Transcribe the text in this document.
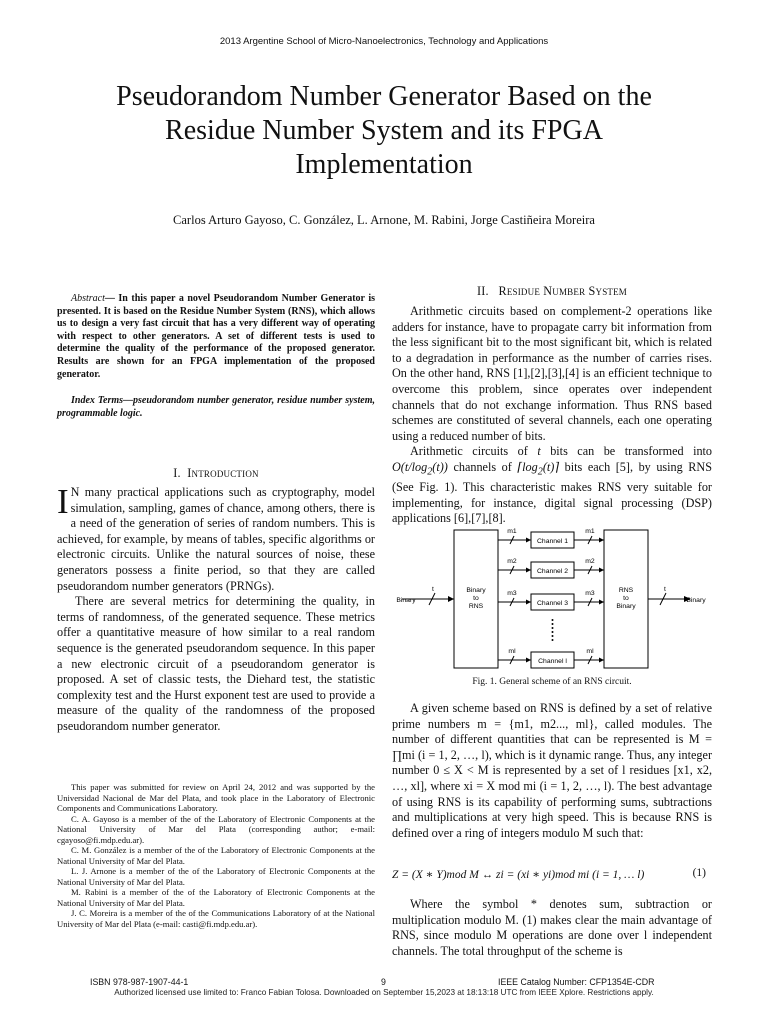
2013 Argentine School of Micro-Nanoelectronics, Technology and Applications
Pseudorandom Number Generator Based on the
Residue Number System and its FPGA
Implementation
Carlos Arturo Gayoso, C. González, L. Arnone, M. Rabini, Jorge Castiñeira Moreira
Abstract— In this paper a novel Pseudorandom Number Generator is presented. It is based on the Residue Number System (RNS), which allows us to design a very fast circuit that has a very different way of operating with respect to other generators. A set of different tests is used to determine the quality of the performance of the proposed generator. Results are shown for an FPGA implementation of the proposed generator.
Index Terms—pseudorandom number generator, residue number system, programmable logic.
I. Introduction

I N many practical applications such as cryptography, model simulation, sampling, games of chance, among others, there is a need of the generation of series of random numbers. This is achieved, for example, by means of tables, specific algorithms or electronic circuits. Unlike the natural sources of noise, these generators possess a finite period, so that they are called pseudorandom number generators (PRNGs).

There are several metrics for determining the quality, in terms of randomness, of the generated sequence. These metrics offer a quantitative measure of how similar to a real random sequence is the generated pseudorandom sequence. In this paper a new electronic circuit of a pseudorandom generator is proposed. A set of classic tests, the Diehard test, the statistic complexity test and the Hurst exponent test are used to provide a measure of the quality of the randomness of the proposed pseudorandom number generator.

This paper was submitted for review on April 24, 2012 and was supported by the Universidad Nacional de Mar del Plata, and took place in the Laboratory of Electronic Components and Communications Laboratory.

C. A. Gayoso is a member of the of the Laboratory of Electronic Components at the National University of Mar del Plata (corresponding author; e-mail: cgayoso@fi.mdp.edu.ar).

C. M. González is a member of the of the Laboratory of Electronic Components at the National University of Mar del Plata.

L. J. Arnone is a member of the of the Laboratory of Electronic Components at the National University of Mar del Plata.

M. Rabini is a member of the of the Laboratory of Electronic Components at the National University of Mar del Plata.

J. C. Moreira is a member of the of the Communications Laboratory of at the National University of Mar del Plata (e-mail: casti@fi.mdp.edu.ar).

II. Residue Number System

Arithmetic circuits based on complement-2 operations like adders for instance, have to propagate carry bit information from the less significant bit to the most significant bit, which is related to a degradation in performance as the number of carries rises. On the other hand, RNS [1],[2],[3],[4] is an efficient technique to overcome this problem, since operates over independent channels that do not exchange information. Thus RNS based schemes are constituted of several channels, each one operating using a reduced number of bits.

Arithmetic circuits of t bits can be transformed into $O(t/\log_2(t))$ channels of $⌈\log_2(t)⌉$ bits each [5], by using RNS (See Fig. 1). This characteristic makes RNS very suitable for implementing, for instance, digital signal processing (DSP) applications [6],[7],[8].

Binary	Binary
t	t
Binary to RNS
RNS to Binary
Channel 1
Channel 2
Channel 3
Channel l
m1	m1
m2	m2
m3	m3
ml	ml
Fig. 1. General scheme of an RNS circuit.

A given scheme based on RNS is defined by a set of relative prime numbers m = {m1, m2..., ml}, called modules. The number of different quantities that can be represented is M = ∏mi (i = 1, 2, …, l), which is it dynamic range. Thus, any integer number 0 ≤ X < M is represented by a set of l residues [x1, x2, …, xl], where xi = X mod mi (i = 1, 2, …, l). The best advantage of using RNS is its capability of performing sums, subtractions and multiplications at very high speed. This is because RNS is defined over a ring of integers modulo M such that:

Z = (X ∗ Y)mod M ↔ zi = (xi ∗ yi)mod mi (i = 1, … l)	(1)

Where the symbol * denotes sum, subtraction or multiplication modulo M. (1) makes clear the main advantage of RNS, since modulo M operations are done over l independent channels. The total throughput of the scheme is

ISBN 978-987-1907-44-1	9	IEEE Catalog Number: CFP1354E-CDR
Authorized licensed use limited to: Franco Fabian Tolosa. Downloaded on September 15,2023 at 18:13:18 UTC from IEEE Xplore. Restrictions apply.
